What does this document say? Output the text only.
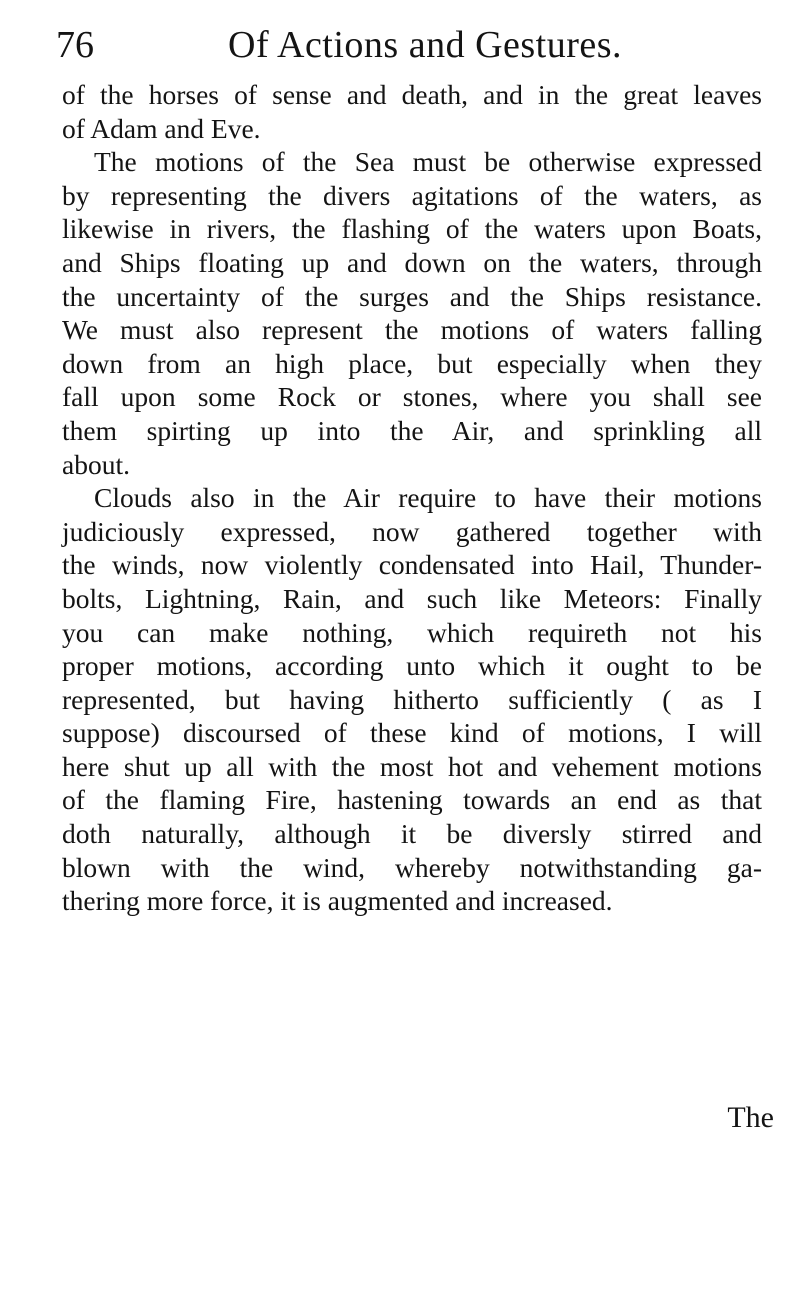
76	Of Actions and Gestures.
of the horses of sense and death, and in the great leaves
of Adam and Eve.
The motions of the Sea must be otherwise expressed
by representing the divers agitations of the waters, as
likewise in rivers, the flashing of the waters upon Boats,
and Ships floating up and down on the waters, through
the uncertainty of the surges and the Ships resistance.
We must also represent the motions of waters falling
down from an high place, but especially when they
fall upon some Rock or stones, where you shall see
them spirting up into the Air, and sprinkling all
about.
Clouds also in the Air require to have their motions
judiciously expressed, now gathered together with
the winds, now violently condensated into Hail, Thunder-
bolts, Lightning, Rain, and such like Meteors: Finally
you can make nothing, which requireth not his
proper motions, according unto which it ought to be
represented, but having hitherto sufficiently ( as I
suppose) discoursed of these kind of motions, I will
here shut up all with the most hot and vehement motions
of the flaming Fire, hastening towards an end as that
doth naturally, although it be diversly stirred and
blown with the wind, whereby notwithstanding ga-
thering more force, it is augmented and increased.
The
